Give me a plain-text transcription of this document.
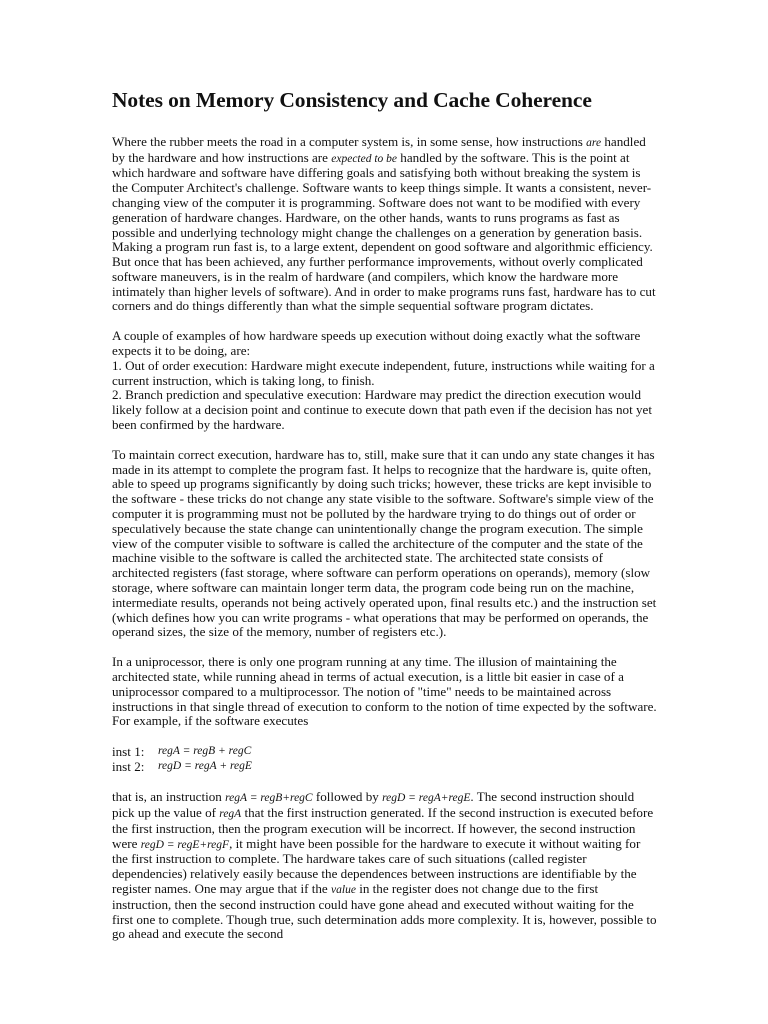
Notes on Memory Consistency and Cache Coherence

Where the rubber meets the road in a computer system is, in some sense, how instructions are handled by the hardware and how instructions are expected to be handled by the software. This is the point at which hardware and software have differing goals and satisfying both without breaking the system is the Computer Architect's challenge. Software wants to keep things simple. It wants a consistent, never-changing view of the computer it is programming. Software does not want to be modified with every generation of hardware changes. Hardware, on the other hands, wants to runs programs as fast as possible and underlying technology might change the challenges on a generation by generation basis. Making a program run fast is, to a large extent, dependent on good software and algorithmic efficiency. But once that has been achieved, any further performance improvements, without overly complicated software maneuvers, is in the realm of hardware (and compilers, which know the hardware more intimately than higher levels of software). And in order to make programs runs fast, hardware has to cut corners and do things differently than what the simple sequential software program dictates.

A couple of examples of how hardware speeds up execution without doing exactly what the software expects it to be doing, are:
1. Out of order execution: Hardware might execute independent, future, instructions while waiting for a current instruction, which is taking long, to finish.
2. Branch prediction and speculative execution: Hardware may predict the direction execution would likely follow at a decision point and continue to execute down that path even if the decision has not yet been confirmed by the hardware.

To maintain correct execution, hardware has to, still, make sure that it can undo any state changes it has made in its attempt to complete the program fast. It helps to recognize that the hardware is, quite often, able to speed up programs significantly by doing such tricks; however, these tricks are kept invisible to the software - these tricks do not change any state visible to the software. Software's simple view of the computer it is programming must not be polluted by the hardware trying to do things out of order or speculatively because the state change can unintentionally change the program execution. The simple view of the computer visible to software is called the architecture of the computer and the state of the machine visible to the software is called the architected state. The architected state consists of architected registers (fast storage, where software can perform operations on operands), memory (slow storage, where software can maintain longer term data, the program code being run on the machine, intermediate results, operands not being actively operated upon, final results etc.) and the instruction set (which defines how you can write programs - what operations that may be performed on operands, the operand sizes, the size of the memory, number of registers etc.).

In a uniprocessor, there is only one program running at any time. The illusion of maintaining the architected state, while running ahead in terms of actual execution, is a little bit easier in case of a uniprocessor compared to a multiprocessor. The notion of "time" needs to be maintained across instructions in that single thread of execution to conform to the notion of time expected by the software. For example, if the software executes

inst 1:	regA = regB + regC
inst 2:	regD = regA + regE

that is, an instruction regA = regB+regC followed by regD = regA+regE. The second instruction should pick up the value of regA that the first instruction generated. If the second instruction is executed before the first instruction, then the program execution will be incorrect. If however, the second instruction were regD = regE+regF, it might have been possible for the hardware to execute it without waiting for the first instruction to complete. The hardware takes care of such situations (called register dependencies) relatively easily because the dependences between instructions are identifiable by the register names. One may argue that if the value in the register does not change due to the first instruction, then the second instruction could have gone ahead and executed without waiting for the first one to complete. Though true, such determination adds more complexity. It is, however, possible to go ahead and execute the second
